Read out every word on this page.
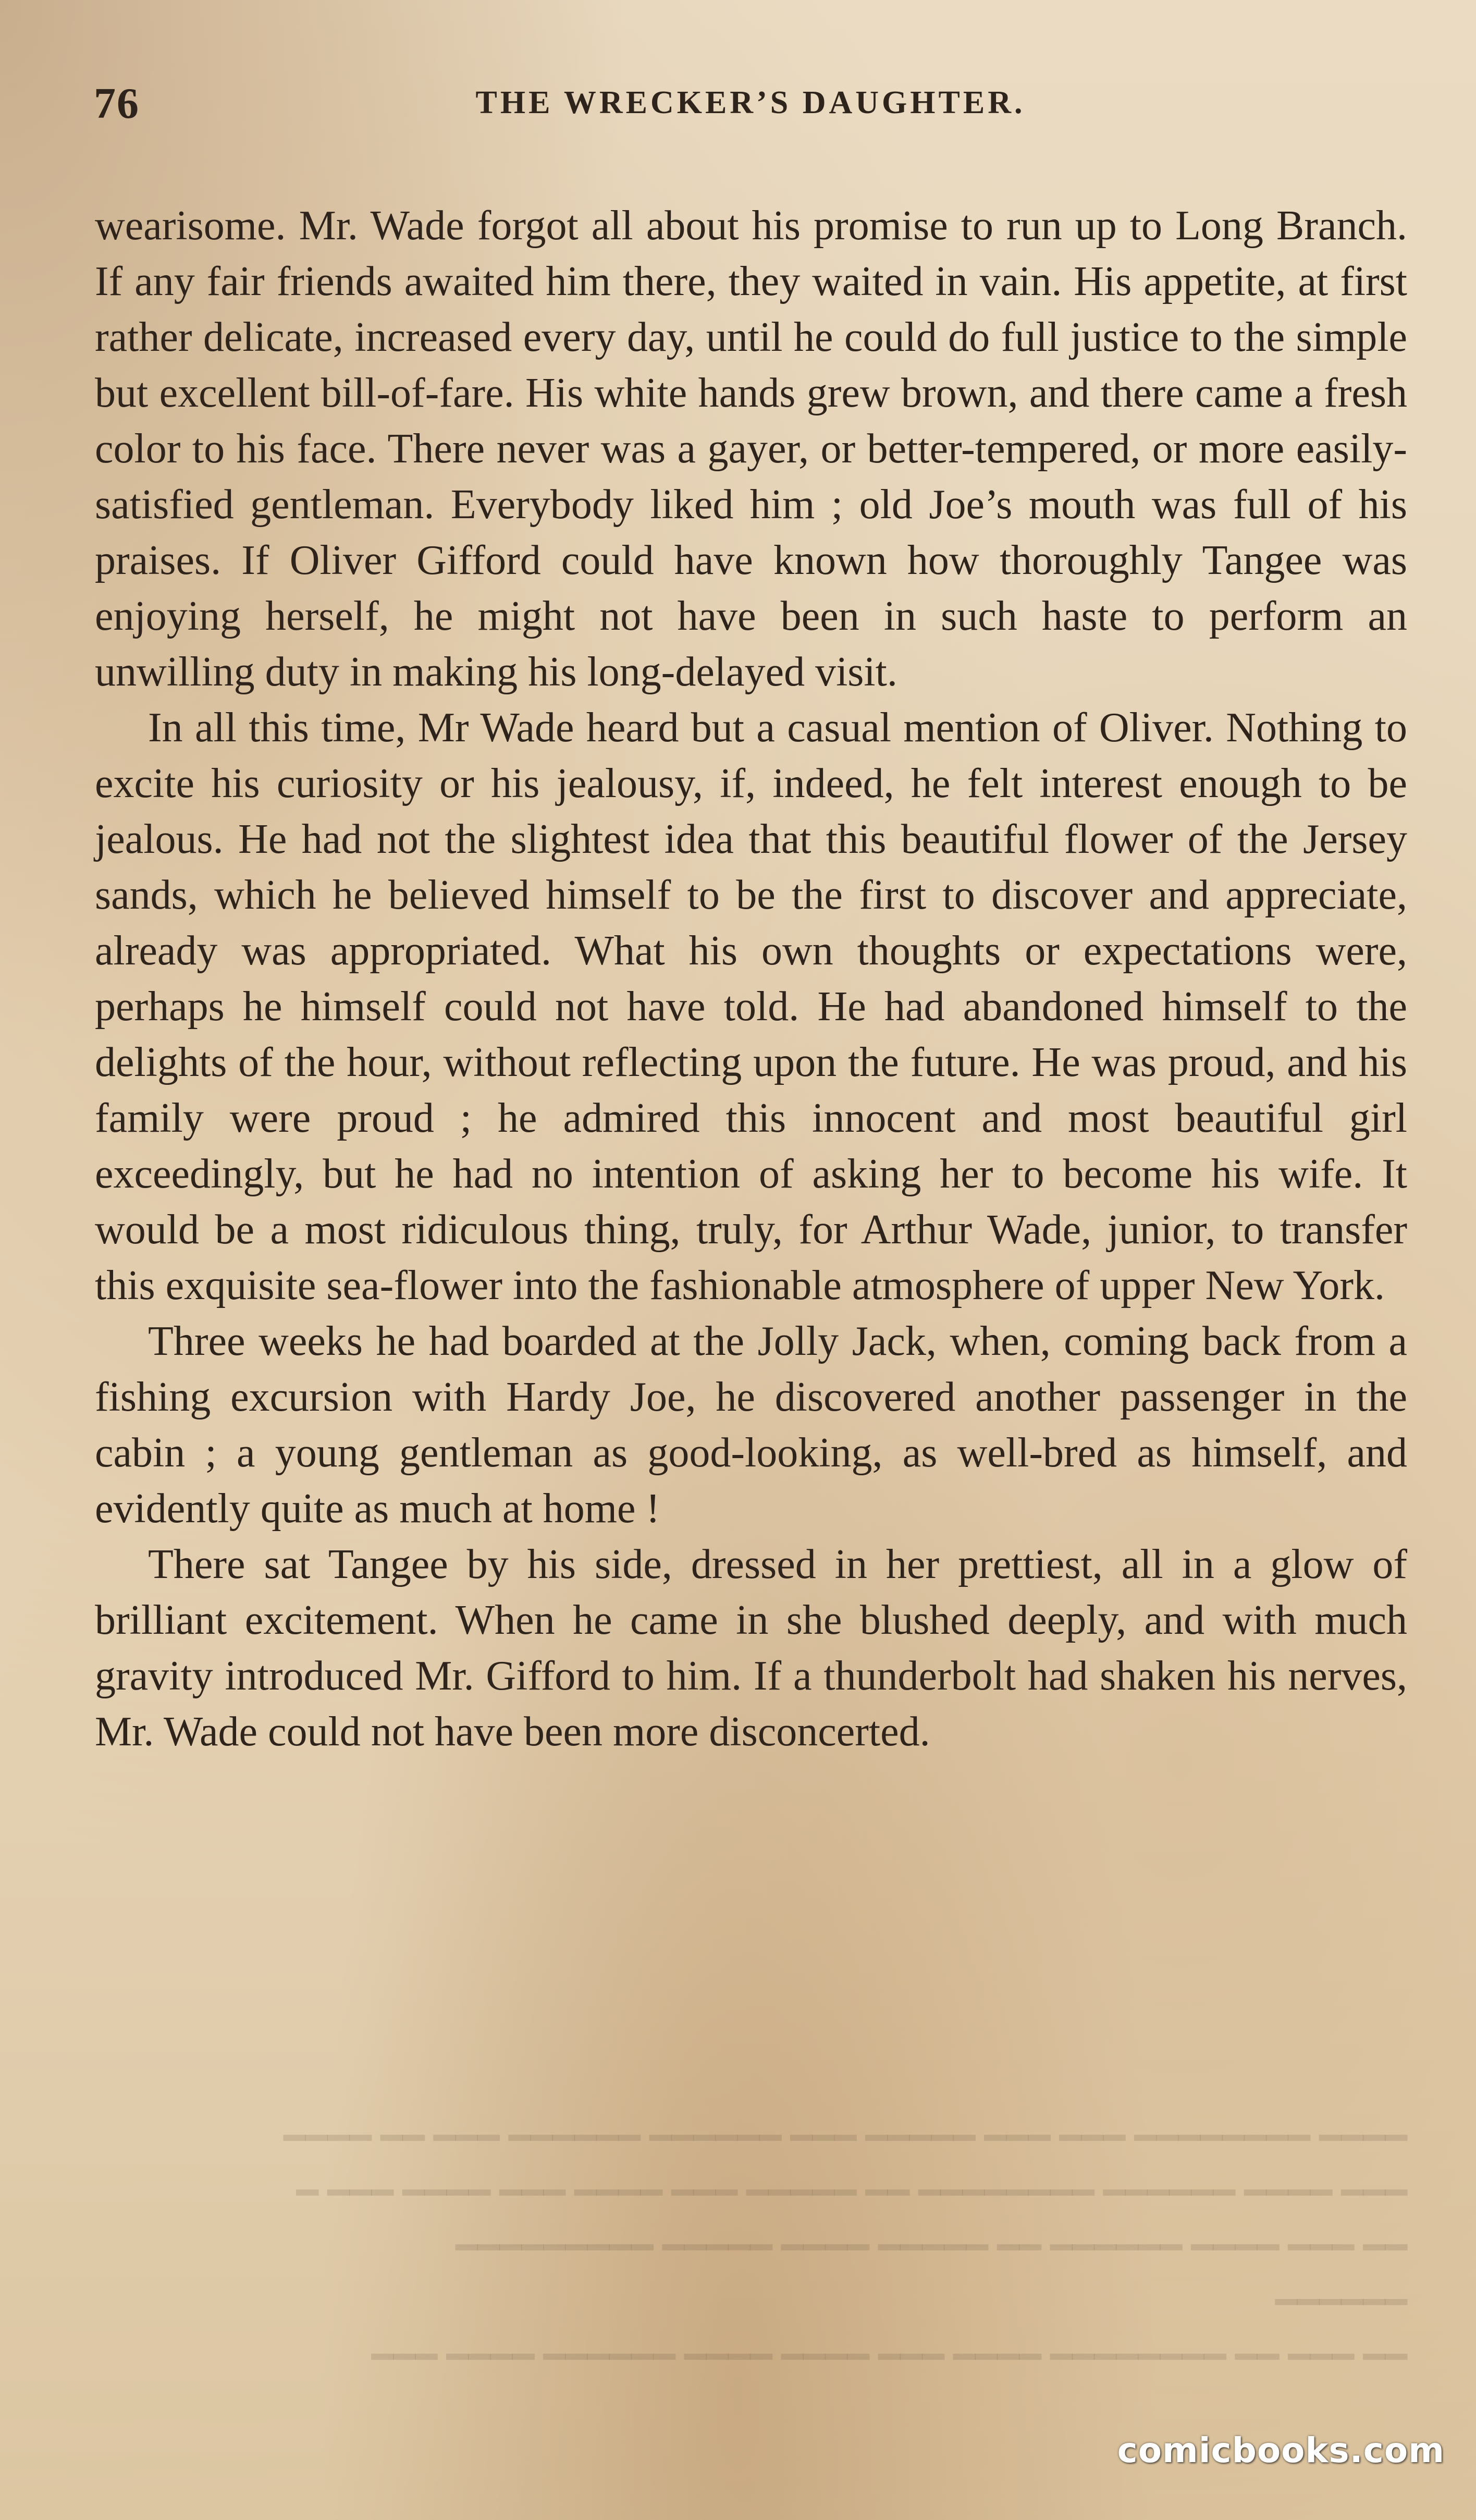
76	THE WRECKER’S DAUGHTER.

wearisome. Mr. Wade forgot all about his promise to run up to Long Branch. If any fair friends awaited him there, they waited in vain. His appetite, at first rather delicate, increased every day, until he could do full justice to the simple but excellent bill-of-fare. His white hands grew brown, and there came a fresh color to his face. There never was a gayer, or better-tempered, or more easily-satisfied gentleman. Everybody liked him ; old Joe’s mouth was full of his praises. If Oliver Gifford could have known how thoroughly Tangee was enjoying herself, he might not have been in such haste to perform an unwilling duty in making his long-delayed visit.

In all this time, Mr Wade heard but a casual mention of Oliver. Nothing to excite his curiosity or his jealousy, if, indeed, he felt interest enough to be jealous. He had not the slightest idea that this beautiful flower of the Jersey sands, which he believed himself to be the first to discover and appreciate, already was appropriated. What his own thoughts or expectations were, perhaps he himself could not have told. He had abandoned himself to the delights of the hour, without reflecting upon the future. He was proud, and his family were proud ; he admired this innocent and most beautiful girl exceedingly, but he had no intention of asking her to become his wife. It would be a most ridiculous thing, truly, for Arthur Wade, junior, to transfer this exquisite sea-flower into the fashionable atmosphere of upper New York.

Three weeks he had boarded at the Jolly Jack, when, coming back from a fishing excursion with Hardy Joe, he discovered another passenger in the cabin ; a young gentleman as good-looking, as well-bred as himself, and evidently quite as much at home !

There sat Tangee by his side, dressed in her prettiest, all in a glow of brilliant excitement. When he came in she blushed deeply, and with much gravity introduced Mr. Gifford to him. If a thunderbolt had shaken his nerves, Mr. Wade could not have been more disconcerted.

━━━━ ━━━━━━━━ ━━━ ━━━ ━━━━━ ━━━ ━━━━━━ ━━━━━━ ━━━ ━━ ━━━━

━━━ ━━━━ ━━━━━━ ━━━━━━━━ ━━ ━━━━━ ━━━ ━━━━ ━━━ ━━━━ ━━━ ━

━━ ━━━ ━━━━ ━━━━━━ ━━ ━━━━━ ━━━━ ━━━━━ ━━━━━━━━━

━━━━━━

━━ ━━━ ━━ ━━━━━━━━ ━━━━ ━━━ ━━━━ ━━━━ ━━━━━━ ━━━━ ━━━

comicbooks.com
